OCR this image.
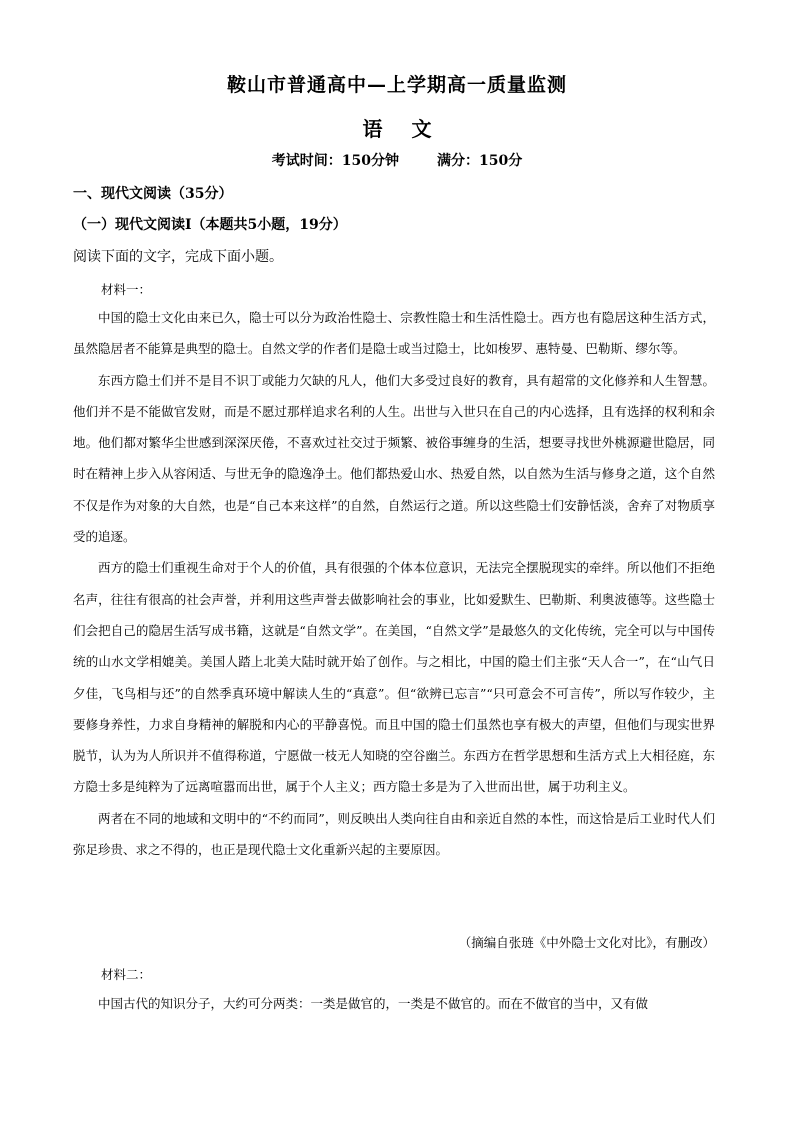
鞍山市普通高中—上学期高一质量监测
语 文
考试时间：150分钟	满分：150分
一、现代文阅读（35分）
（一）现代文阅读Ⅰ（本题共5小题，19分）
阅读下面的文字，完成下面小题。
材料一：

中国的隐士文化由来已久，隐士可以分为政治性隐士、宗教性隐士和生活性隐士。西方也有隐居这种生活方式，虽然隐居者不能算是典型的隐士。自然文学的作者们是隐士或当过隐士，比如梭罗、惠特曼、巴勒斯、缪尔等。

东西方隐士们并不是目不识丁或能力欠缺的凡人，他们大多受过良好的教育，具有超常的文化修养和人生智慧。他们并不是不能做官发财，而是不愿过那样追求名利的人生。出世与入世只在自己的内心选择，且有选择的权利和余地。他们都对繁华尘世感到深深厌倦，不喜欢过社交过于频繁、被俗事缠身的生活，想要寻找世外桃源避世隐居，同时在精神上步入从容闲适、与世无争的隐逸净土。他们都热爱山水、热爱自然，以自然为生活与修身之道，这个自然不仅是作为对象的大自然，也是“自己本来这样”的自然，自然运行之道。所以这些隐士们安静恬淡，舍弃了对物质享受的追逐。

西方的隐士们重视生命对于个人的价值，具有很强的个体本位意识，无法完全摆脱现实的牵绊。所以他们不拒绝名声，往往有很高的社会声誉，并利用这些声誉去做影响社会的事业，比如爱默生、巴勒斯、利奥波德等。这些隐士们会把自己的隐居生活写成书籍，这就是“自然文学”。在美国，“自然文学”是最悠久的文化传统，完全可以与中国传统的山水文学相媲美。美国人踏上北美大陆时就开始了创作。与之相比，中国的隐士们主张“天人合一”，在“山气日夕佳，飞鸟相与还”的自然季真环境中解读人生的“真意”。但“欲辨已忘言”“只可意会不可言传”，所以写作较少，主要修身养性，力求自身精神的解脱和内心的平静喜悦。而且中国的隐士们虽然也享有极大的声望，但他们与现实世界脱节，认为为人所识并不值得称道，宁愿做一枝无人知晓的空谷幽兰。东西方在哲学思想和生活方式上大相径庭，东方隐士多是纯粹为了远离喧嚣而出世，属于个人主义；西方隐士多是为了入世而出世，属于功利主义。

两者在不同的地域和文明中的“不约而同”，则反映出人类向往自由和亲近自然的本性，而这恰是后工业时代人们弥足珍贵、求之不得的，也正是现代隐士文化重新兴起的主要原因。

（摘编自张琏《中外隐士文化对比》，有删改）
材料二：

中国古代的知识分子，大约可分两类：一类是做官的，一类是不做官的。而在不做官的当中，又有做
